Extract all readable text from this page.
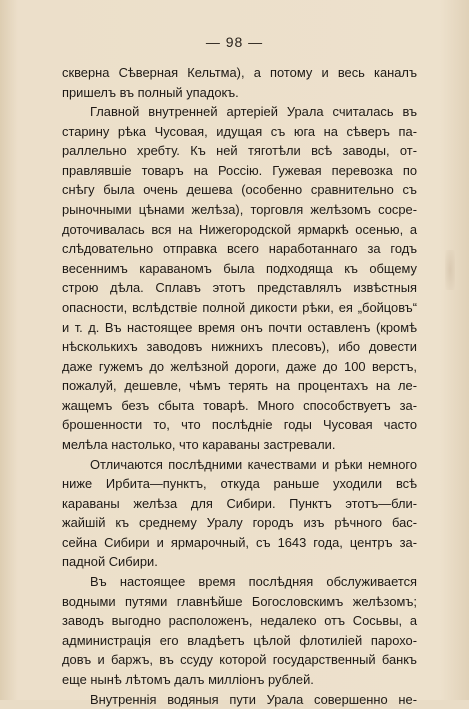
— 98 —
скверна Сѣверная Кельтма), а потому и весь каналъ
пришелъ въ полный упадокъ.
Главной внутренней артеріей Урала считалась въ
старину рѣка Чусовая, идущая съ юга на сѣверъ па-
раллельно хребту. Къ ней тяготѣли всѣ заводы, от-
правлявшіе товаръ на Россію. Гужевая перевозка по
снѣгу была очень дешева (особенно сравнительно съ
рыночными цѣнами желѣза), торговля желѣзомъ сосре-
доточивалась вся на Нижегородской ярмаркѣ осенью, а
слѣдовательно отправка всего наработаннаго за годъ
весеннимъ караваномъ была подходяща къ общему
строю дѣла. Сплавъ этотъ представлялъ извѣстныя
опасности, вслѣдствіе полной дикости рѣки, ея „бойцовъ“
и т. д. Въ настоящее время онъ почти оставленъ (кромѣ
нѣсколькихъ заводовъ нижнихъ плесовъ), ибо довести
даже гужемъ до желѣзной дороги, даже до 100 верстъ,
пожалуй, дешевле, чѣмъ терять на процентахъ на ле-
жащемъ безъ сбыта товарѣ. Много способствуетъ за-
брошенности то, что послѣдніе годы Чусовая часто
мелѣла настолько, что караваны застревали.
Отличаются послѣдними качествами и рѣки немного
ниже Ирбита—пунктъ, откуда раньше уходили всѣ
караваны желѣза для Сибири. Пунктъ этотъ—бли-
жайшій къ среднему Уралу городъ изъ рѣчного бас-
сейна Сибири и ярмарочный, съ 1643 года, центръ за-
падной Сибири.
Въ настоящее время послѣдняя обслуживается
водными путями главнѣйше Богословскимъ желѣзомъ;
заводъ выгодно расположенъ, недалеко отъ Сосьвы, а
администрація его владѣетъ цѣлой флотиліей парохо-
довъ и баржъ, въ ссуду которой государственный банкъ
еще нынѣ лѣтомъ далъ милліонъ рублей.
Внутреннія водяныя пути Урала совершенно не-
